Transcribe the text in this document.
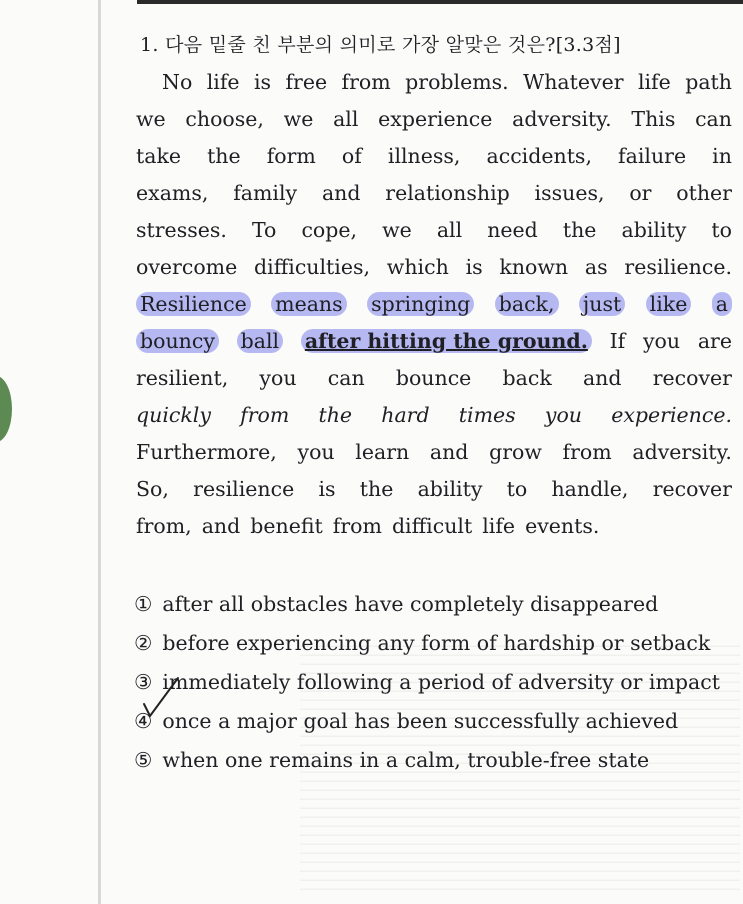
1. 다음 밑줄 친 부분의 의미로 가장 알맞은 것은?[3.3점]
No life is free from problems. Whatever life path
we choose, we all experience adversity. This can
take the form of illness, accidents, failure in
exams, family and relationship issues, or other
stresses. To cope, we all need the ability to
overcome difficulties, which is known as resilience.
Resilience means springing back, just like a
bouncy ball after hitting the ground. If you are
resilient, you can bounce back and recover
quickly from the hard times you experience.
Furthermore, you learn and grow from adversity.
So, resilience is the ability to handle, recover
from, and benefit from difficult life events.
① after all obstacles have completely disappeared
② before experiencing any form of hardship or setback
③ immediately following a period of adversity or impact
④ once a major goal has been successfully achieved
⑤ when one remains in a calm, trouble-free state
